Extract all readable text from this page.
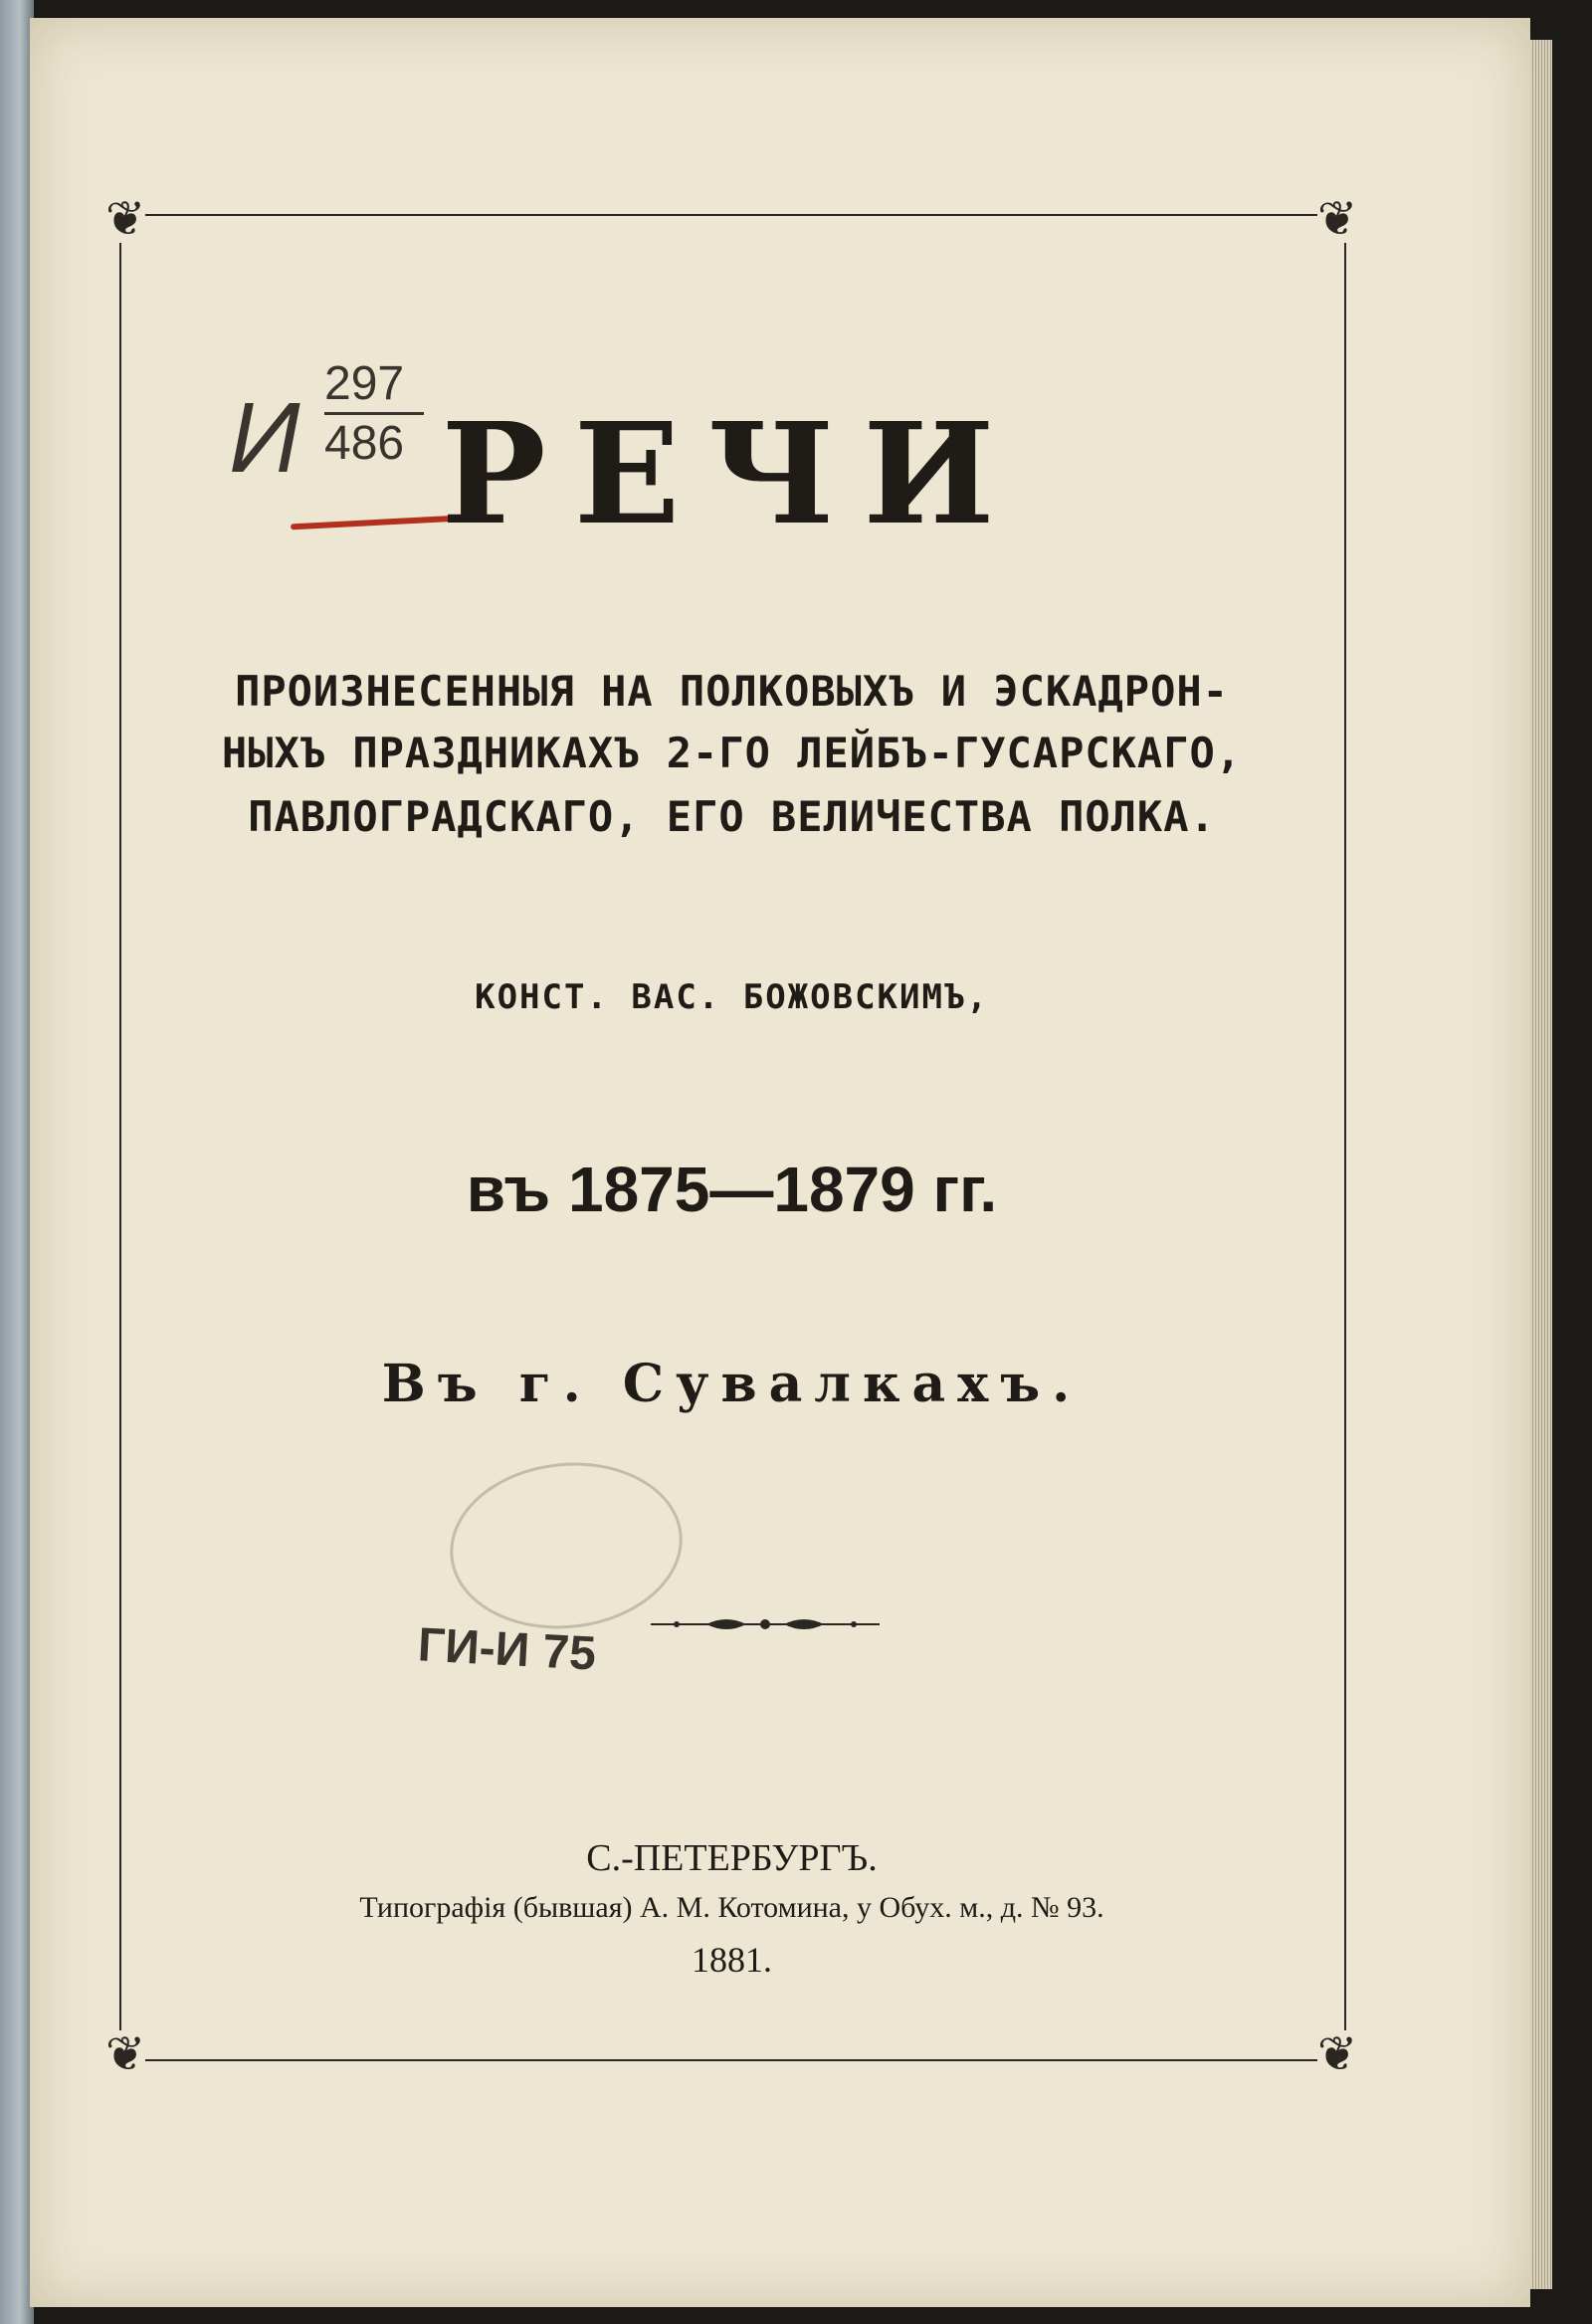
❦	❦
❦	❦
И 297
486 РЕЧИ
ПРОИЗНЕСЕННЫЯ НА ПОЛКОВЫХЪ И ЭСКАДРОН-
НЫХЪ ПРАЗДНИКАХЪ 2-ГО ЛЕЙБЪ-ГУСАРСКАГО,
ПАВЛОГРАДСКАГО, ЕГО ВЕЛИЧЕСТВА ПОЛКА.
КОНСТ. ВАС. БОЖОВСКИМЪ,
въ 1875—1879 гг.
Въ г. Сувалкахъ.
ГИ-И 75
С.-ПЕТЕРБУРГЪ.
Типографія (бывшая) А. М. Котомина, у Обух. м., д. № 93.
1881.
